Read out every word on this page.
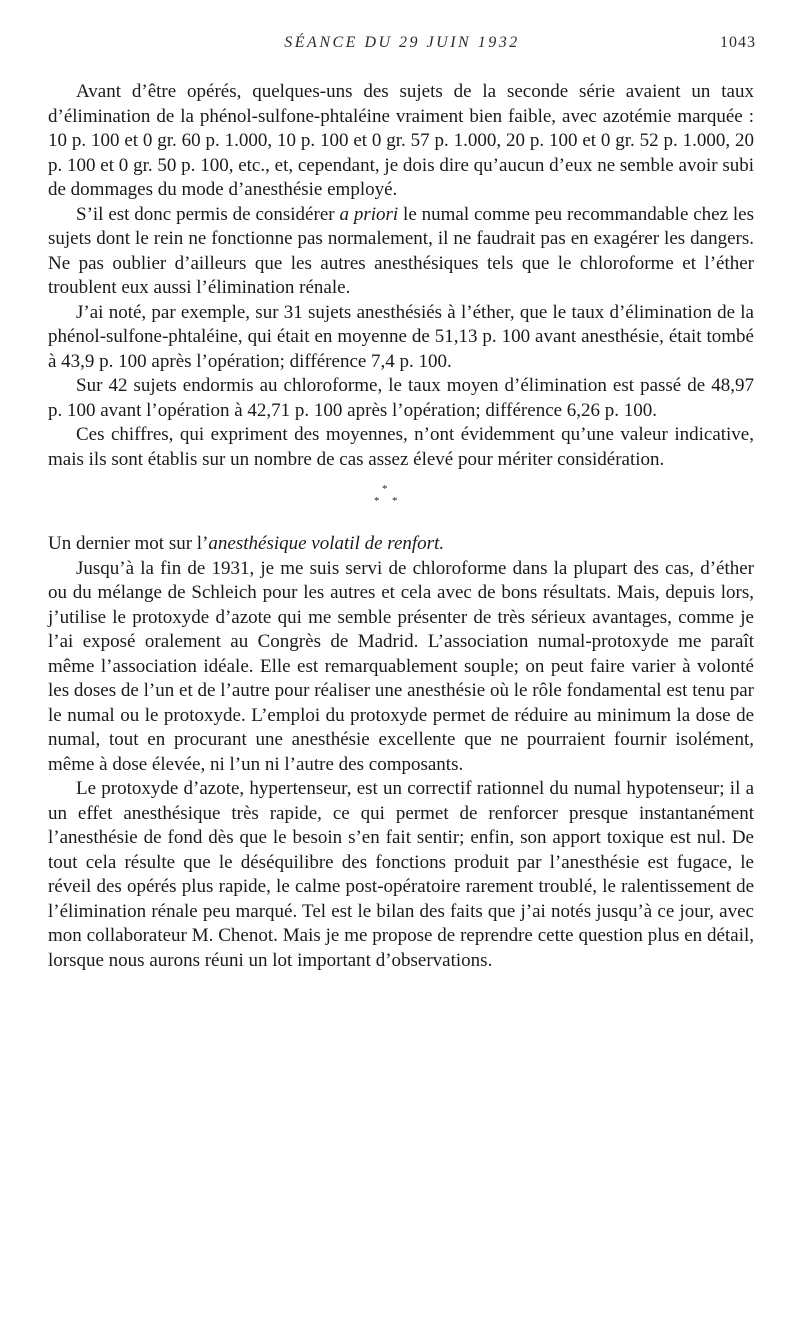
SÉANCE DU 29 JUIN 1932	1043

Avant d’être opérés, quelques-uns des sujets de la seconde série avaient un taux d’élimination de la phénol-sulfone-phtaléine vraiment bien faible, avec azotémie marquée : 10 p. 100 et 0 gr. 60 p. 1.000, 10 p. 100 et 0 gr. 57 p. 1.000, 20 p. 100 et 0 gr. 52 p. 1.000, 20 p. 100 et 0 gr. 50 p. 100, etc., et, cependant, je dois dire qu’aucun d’eux ne semble avoir subi de dommages du mode d’anesthésie employé.

S’il est donc permis de considérer a priori le numal comme peu recommandable chez les sujets dont le rein ne fonctionne pas normalement, il ne faudrait pas en exagérer les dangers. Ne pas oublier d’ailleurs que les autres anesthésiques tels que le chloroforme et l’éther troublent eux aussi l’élimination rénale.

J’ai noté, par exemple, sur 31 sujets anesthésiés à l’éther, que le taux d’élimination de la phénol-sulfone-phtaléine, qui était en moyenne de 51,13 p. 100 avant anesthésie, était tombé à 43,9 p. 100 après l’opération; différence 7,4 p. 100.

Sur 42 sujets endormis au chloroforme, le taux moyen d’élimination est passé de 48,97 p. 100 avant l’opération à 42,71 p. 100 après l’opération; différence 6,26 p. 100.

Ces chiffres, qui expriment des moyennes, n’ont évidemment qu’une valeur indicative, mais ils sont établis sur un nombre de cas assez élevé pour mériter considération.

*
* *

Un dernier mot sur l’anesthésique volatil de renfort.

Jusqu’à la fin de 1931, je me suis servi de chloroforme dans la plupart des cas, d’éther ou du mélange de Schleich pour les autres et cela avec de bons résultats. Mais, depuis lors, j’utilise le protoxyde d’azote qui me semble présenter de très sérieux avantages, comme je l’ai exposé oralement au Congrès de Madrid. L’association numal-protoxyde me paraît même l’association idéale. Elle est remarquablement souple; on peut faire varier à volonté les doses de l’un et de l’autre pour réaliser une anesthésie où le rôle fondamental est tenu par le numal ou le protoxyde. L’emploi du protoxyde permet de réduire au minimum la dose de numal, tout en procurant une anesthésie excellente que ne pourraient fournir isolément, même à dose élevée, ni l’un ni l’autre des composants.

Le protoxyde d’azote, hypertenseur, est un correctif rationnel du numal hypotenseur; il a un effet anesthésique très rapide, ce qui permet de renforcer presque instantanément l’anesthésie de fond dès que le besoin s’en fait sentir; enfin, son apport toxique est nul. De tout cela résulte que le déséquilibre des fonctions produit par l’anesthésie est fugace, le réveil des opérés plus rapide, le calme post-opératoire rarement troublé, le ralentissement de l’élimination rénale peu marqué. Tel est le bilan des faits que j’ai notés jusqu’à ce jour, avec mon collaborateur M. Chenot. Mais je me propose de reprendre cette question plus en détail, lorsque nous aurons réuni un lot important d’observations.
